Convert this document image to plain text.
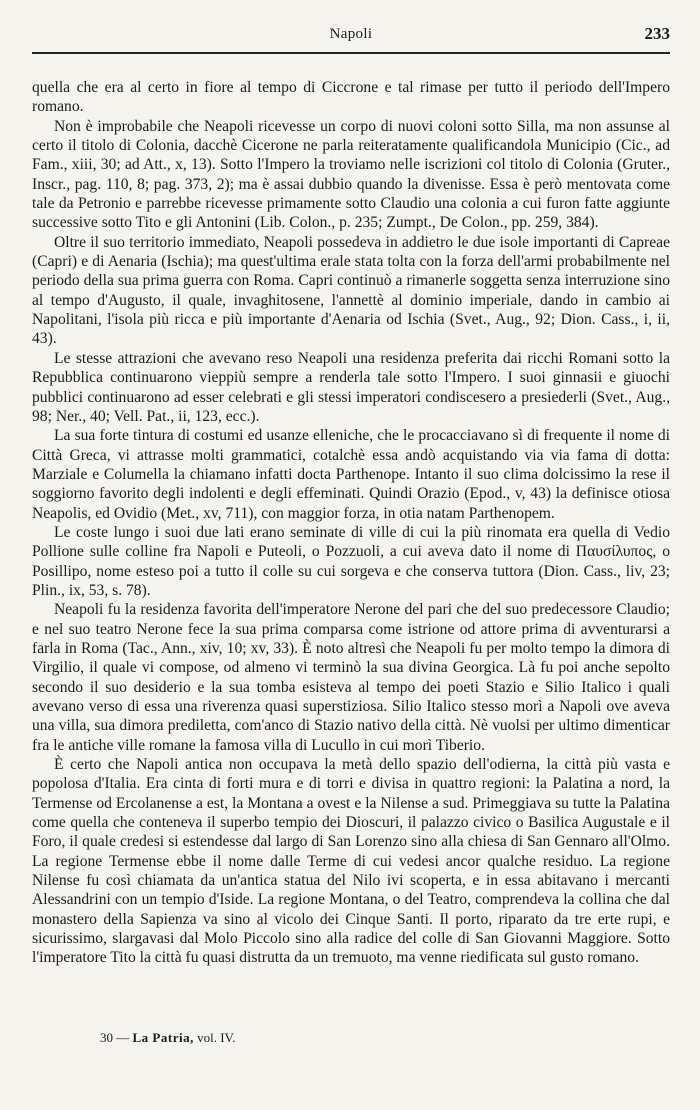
Napoli	233

quella che era al certo in fiore al tempo di Ciccrone e tal rimase per tutto il periodo dell'Impero romano.

Non è improbabile che Neapoli ricevesse un corpo di nuovi coloni sotto Silla, ma non assunse al certo il titolo di Colonia, dacchè Cicerone ne parla reiteratamente qualificandola Municipio (Cic., ad Fam., xiii, 30; ad Att., x, 13). Sotto l'Impero la troviamo nelle iscrizioni col titolo di Colonia (Gruter., Inscr., pag. 110, 8; pag. 373, 2); ma è assai dubbio quando la divenisse. Essa è però mentovata come tale da Petronio e parrebbe ricevesse primamente sotto Claudio una colonia a cui furon fatte aggiunte successive sotto Tito e gli Antonini (Lib. Colon., p. 235; Zumpt., De Colon., pp. 259, 384).

Oltre il suo territorio immediato, Neapoli possedeva in addietro le due isole importanti di Capreae (Capri) e di Aenaria (Ischia); ma quest'ultima erale stata tolta con la forza dell'armi probabilmente nel periodo della sua prima guerra con Roma. Capri continuò a rimanerle soggetta senza interruzione sino al tempo d'Augusto, il quale, invaghitosene, l'annettè al dominio imperiale, dando in cambio ai Napolitani, l'isola più ricca e più importante d'Aenaria od Ischia (Svet., Aug., 92; Dion. Cass., i, ii, 43).

Le stesse attrazioni che avevano reso Neapoli una residenza preferita dai ricchi Romani sotto la Repubblica continuarono vieppiù sempre a renderla tale sotto l'Impero. I suoi ginnasii e giuochi pubblici continuarono ad esser celebrati e gli stessi imperatori condiscesero a presiederli (Svet., Aug., 98; Ner., 40; Vell. Pat., ii, 123, ecc.).

La sua forte tintura di costumi ed usanze elleniche, che le procacciavano sì di frequente il nome di Città Greca, vi attrasse molti grammatici, cotalchè essa andò acquistando via via fama di dotta: Marziale e Columella la chiamano infatti docta Parthenope. Intanto il suo clima dolcissimo la rese il soggiorno favorito degli indolenti e degli effeminati. Quindi Orazio (Epod., v, 43) la definisce otiosa Neapolis, ed Ovidio (Met., xv, 711), con maggior forza, in otia natam Parthenopem.

Le coste lungo i suoi due lati erano seminate di ville di cui la più rinomata era quella di Vedio Pollione sulle colline fra Napoli e Puteoli, o Pozzuoli, a cui aveva dato il nome di Παυσίλυπος, o Posillipo, nome esteso poi a tutto il colle su cui sorgeva e che conserva tuttora (Dion. Cass., liv, 23; Plin., ix, 53, s. 78).

Neapoli fu la residenza favorita dell'imperatore Nerone del pari che del suo predecessore Claudio; e nel suo teatro Nerone fece la sua prima comparsa come istrione od attore prima di avventurarsi a farla in Roma (Tac., Ann., xiv, 10; xv, 33). È noto altresì che Neapoli fu per molto tempo la dimora di Virgilio, il quale vi compose, od almeno vi terminò la sua divina Georgica. Là fu poi anche sepolto secondo il suo desiderio e la sua tomba esisteva al tempo dei poeti Stazio e Silio Italico i quali avevano verso di essa una riverenza quasi superstiziosa. Silio Italico stesso morì a Napoli ove aveva una villa, sua dimora prediletta, com'anco di Stazio nativo della città. Nè vuolsi per ultimo dimenticar fra le antiche ville romane la famosa villa di Lucullo in cui morì Tiberio.

È certo che Napoli antica non occupava la metà dello spazio dell'odierna, la città più vasta e popolosa d'Italia. Era cinta di forti mura e di torri e divisa in quattro regioni: la Palatina a nord, la Termense od Ercolanense a est, la Montana a ovest e la Nilense a sud. Primeggiava su tutte la Palatina come quella che conteneva il superbo tempio dei Dioscuri, il palazzo civico o Basilica Augustale e il Foro, il quale credesi si estendesse dal largo di San Lorenzo sino alla chiesa di San Gennaro all'Olmo. La regione Termense ebbe il nome dalle Terme di cui vedesi ancor qualche residuo. La regione Nilense fu così chiamata da un'antica statua del Nilo ivi scoperta, e in essa abitavano i mercanti Alessandrini con un tempio d'Iside. La regione Montana, o del Teatro, comprendeva la collina che dal monastero della Sapienza va sino al vicolo dei Cinque Santi. Il porto, riparato da tre erte rupi, e sicurissimo, slargavasi dal Molo Piccolo sino alla radice del colle di San Giovanni Maggiore. Sotto l'imperatore Tito la città fu quasi distrutta da un tremuoto, ma venne riedificata sul gusto romano.

30 — La Patria, vol. IV.
